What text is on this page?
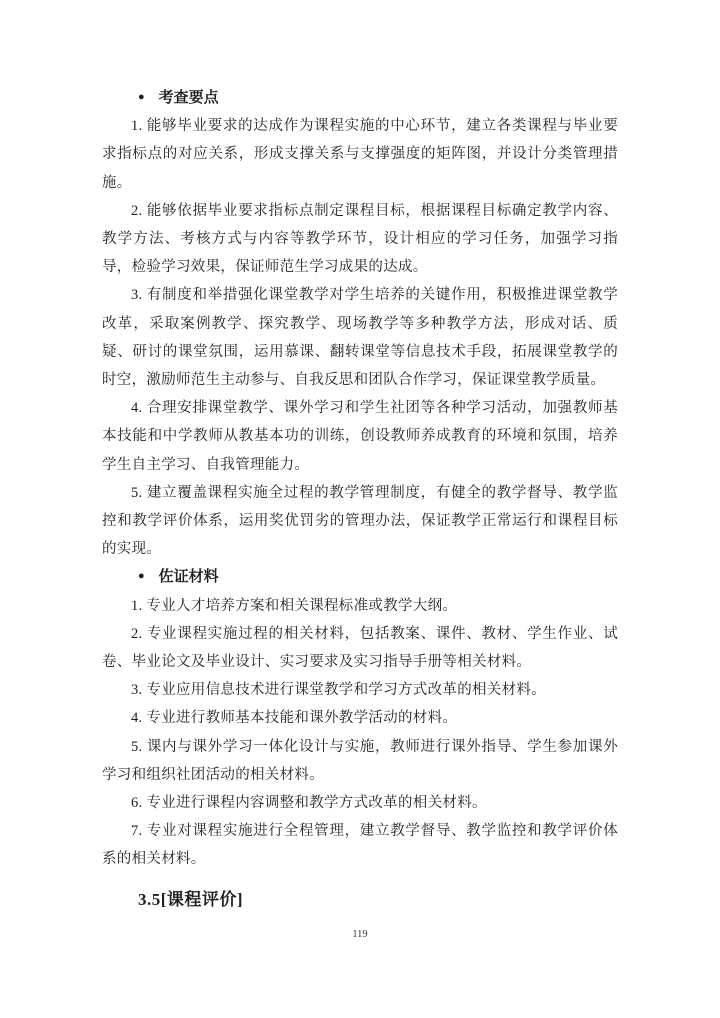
● 考查要点

1. 能够毕业要求的达成作为课程实施的中心环节，建立各类课程与毕业要求指标点的对应关系，形成支撑关系与支撑强度的矩阵图，并设计分类管理措施。

2. 能够依据毕业要求指标点制定课程目标，根据课程目标确定教学内容、教学方法、考核方式与内容等教学环节，设计相应的学习任务，加强学习指导，检验学习效果，保证师范生学习成果的达成。

3. 有制度和举措强化课堂教学对学生培养的关键作用，积极推进课堂教学改革，采取案例教学、探究教学、现场教学等多种教学方法，形成对话、质疑、研讨的课堂氛围，运用慕课、翻转课堂等信息技术手段，拓展课堂教学的时空，激励师范生主动参与、自我反思和团队合作学习，保证课堂教学质量。

4. 合理安排课堂教学、课外学习和学生社团等各种学习活动，加强教师基本技能和中学教师从教基本功的训练，创设教师养成教育的环境和氛围，培养学生自主学习、自我管理能力。

5. 建立覆盖课程实施全过程的教学管理制度，有健全的教学督导、教学监控和教学评价体系，运用奖优罚劣的管理办法，保证教学正常运行和课程目标的实现。

● 佐证材料

1. 专业人才培养方案和相关课程标准或教学大纲。

2. 专业课程实施过程的相关材料，包括教案、课件、教材、学生作业、试卷、毕业论文及毕业设计、实习要求及实习指导手册等相关材料。

3. 专业应用信息技术进行课堂教学和学习方式改革的相关材料。

4. 专业进行教师基本技能和课外教学活动的材料。

5. 课内与课外学习一体化设计与实施，教师进行课外指导、学生参加课外学习和组织社团活动的相关材料。

6. 专业进行课程内容调整和教学方式改革的相关材料。

7. 专业对课程实施进行全程管理，建立教学督导、教学监控和教学评价体系的相关材料。

3.5[课程评价]
119
